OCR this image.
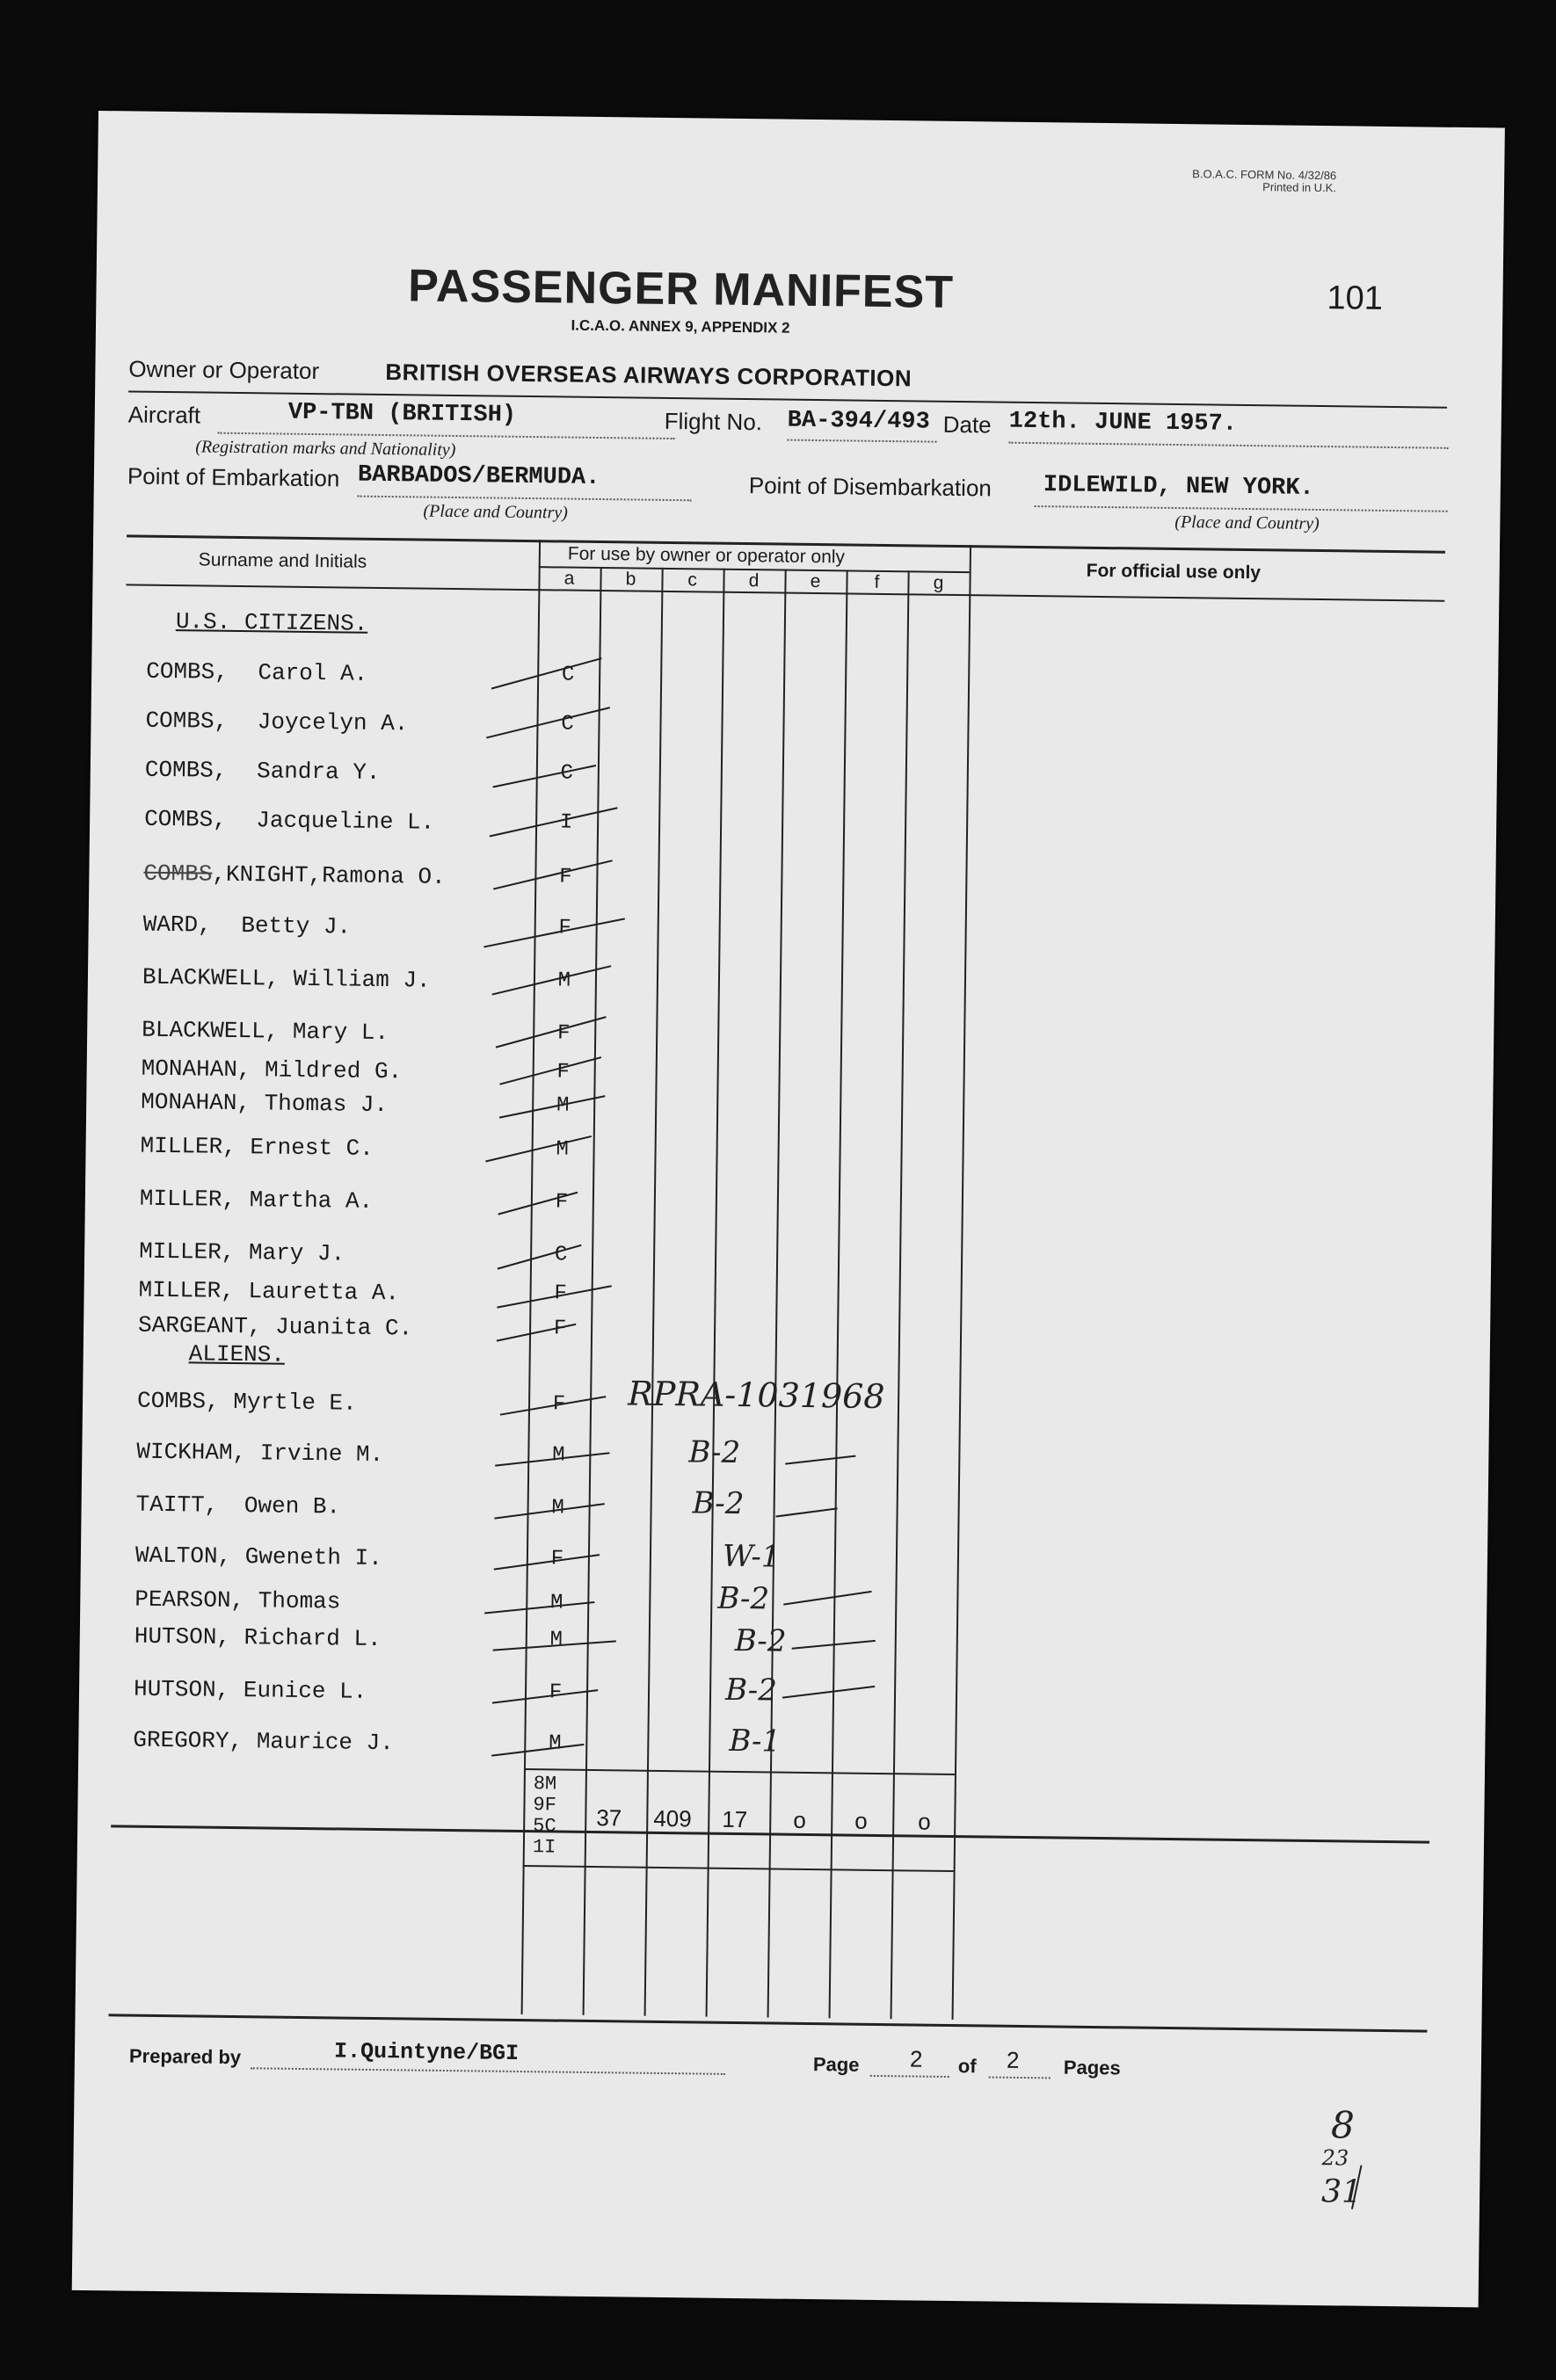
B.O.A.C. FORM No. 4/32/86
Printed in U.K.
PASSENGER MANIFEST
I.C.A.O. ANNEX 9, APPENDIX 2
101
Owner or Operator	BRITISH OVERSEAS AIRWAYS CORPORATION
Aircraft	VP-TBN (BRITISH)
(Registration marks and Nationality)
Flight No. BA-394/493 Date 12th. JUNE 1957.
Point of Embarkation BARBADOS/BERMUDA.
(Place and Country)
Point of Disembarkation IDLEWILD, NEW YORK.
(Place and Country)
Surname and Initials	For use by owner or operator only
For official use only
a	b	c	d	e	f	g
U.S. CITIZENS.
ALIENS.
COMBS, Carol A.	C
COMBS, Joycelyn A.	C
COMBS, Sandra Y.	C
COMBS, Jacqueline L.	I
COMBS,KNIGHT,Ramona O.	F
WARD, Betty J.	F
BLACKWELL, William J.	M
BLACKWELL, Mary L.	F
MONAHAN, Mildred G.	F
MONAHAN, Thomas J.	M
MILLER, Ernest C.	M
MILLER, Martha A.	F
MILLER, Mary J.	C
MILLER, Lauretta A.	F
SARGEANT, Juanita C.	F
COMBS, Myrtle E.	F	RPRA-1031968
WICKHAM, Irvine M.	M	B-2
TAITT, Owen B.	M	B-2
WALTON, Gweneth I.	F	W-1
PEARSON, Thomas	M	B-2
HUTSON, Richard L.	M	B-2
HUTSON, Eunice L.	F	B-2
GREGORY, Maurice J.	M	B-1
8M
9F
5C
1I
37 409 17 o o o
Prepared by	I.Quintyne/BGI	Page 2 of 2 Pages
8
23
31
